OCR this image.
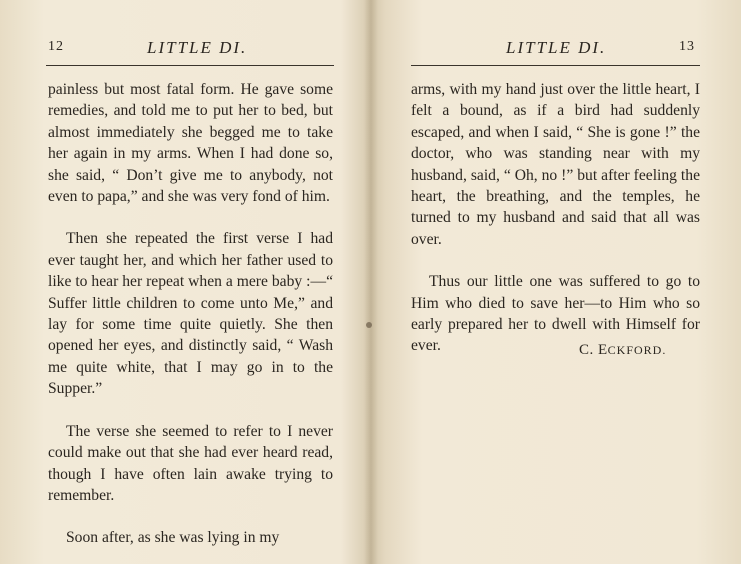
12	LITTLE DI.

painless but most fatal form. He gave some remedies, and told me to put her to bed, but almost immediately she begged me to take her again in my arms. When I had done so, she said, “ Don’t give me to anybody, not even to papa,” and she was very fond of him.

Then she repeated the first verse I had ever taught her, and which her father used to like to hear her repeat when a mere baby :—“ Suffer little children to come unto Me,” and lay for some time quite quietly. She then opened her eyes, and distinctly said, “ Wash me quite white, that I may go in to the Supper.”

The verse she seemed to refer to I never could make out that she had ever heard read, though I have often lain awake trying to remember.

Soon after, as she was lying in my

LITTLE DI.	13

arms, with my hand just over the little heart, I felt a bound, as if a bird had suddenly escaped, and when I said, “ She is gone !” the doctor, who was standing near with my husband, said, “ Oh, no !” but after feeling the heart, the breathing, and the temples, he turned to my husband and said that all was over.

Thus our little one was suffered to go to Him who died to save her—to Him who so early prepared her to dwell with Himself for ever.	C. ECKFORD.
